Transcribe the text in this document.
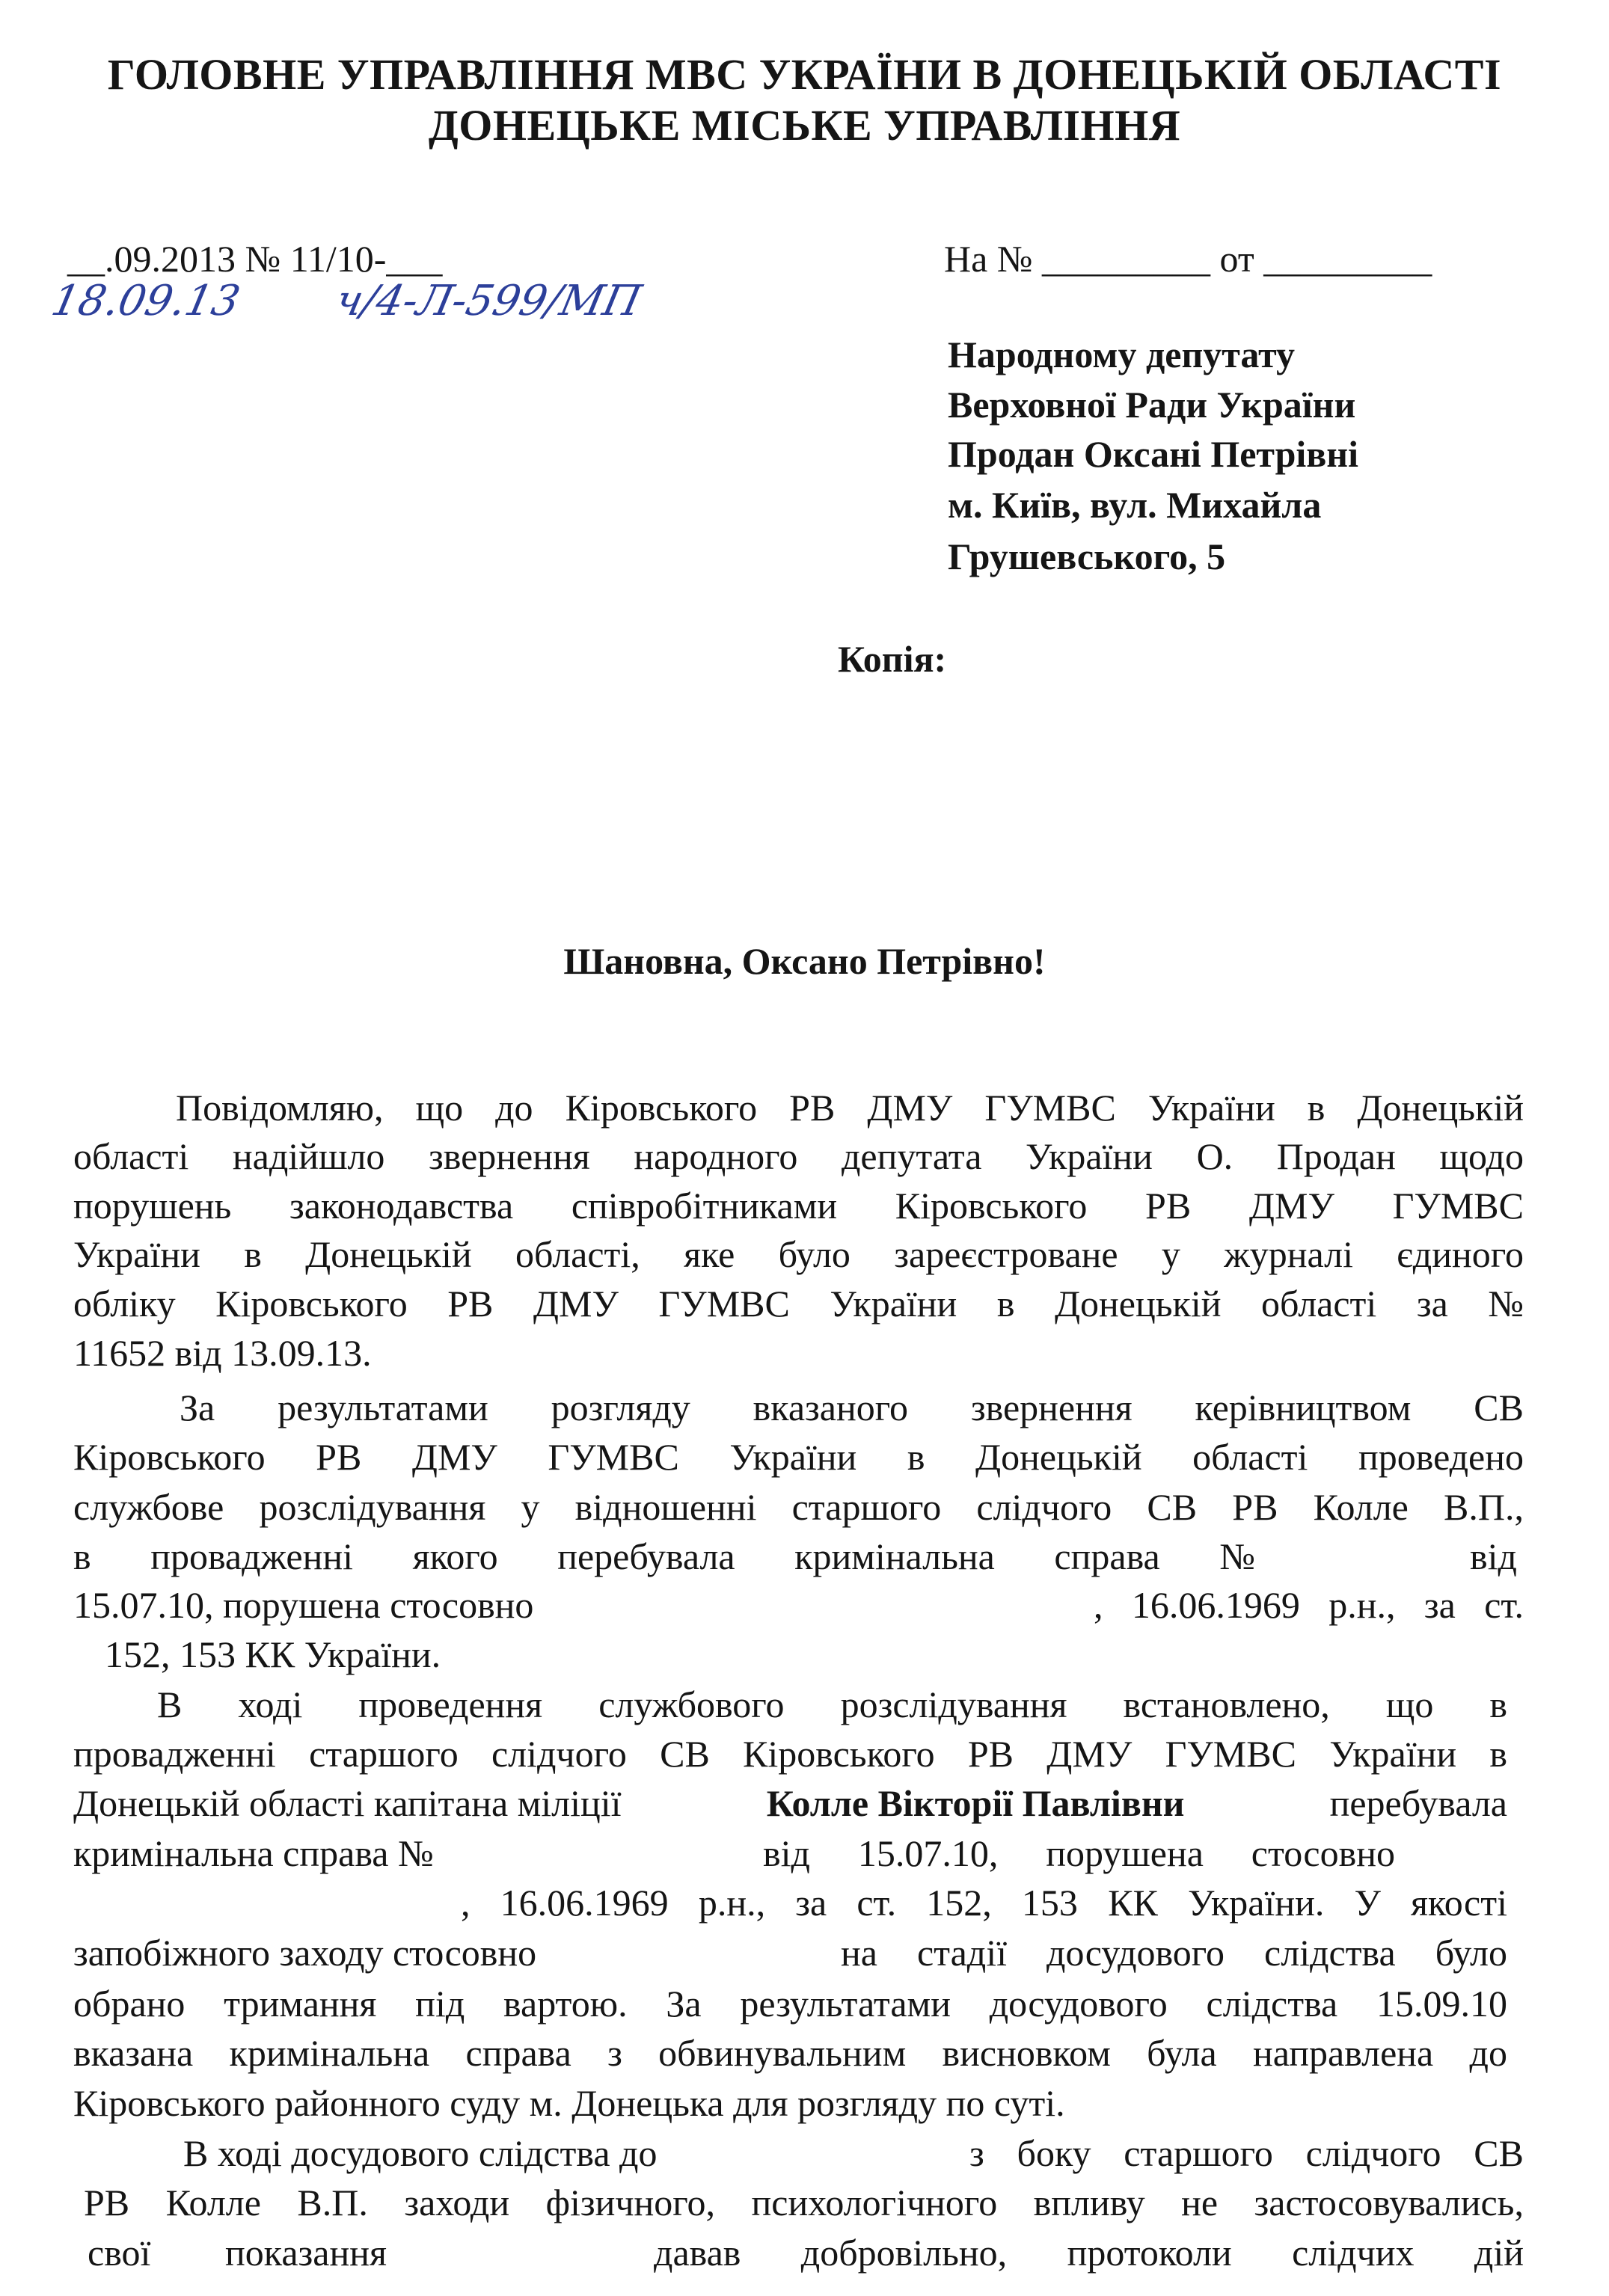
ГОЛОВНЕ УПРАВЛІННЯ МВС УКРАЇНИ В ДОНЕЦЬКІЙ ОБЛАСТІ
ДОНЕЦЬКЕ МІСЬКЕ УПРАВЛІННЯ
__.09.2013 № 11/10-___
18.09.13 ч/4-Л-599/МП
На № _________ от _________
Народному депутату
Верховної Ради України
Продан Оксані Петрівні
м. Київ, вул. Михайла
Грушевського, 5
Копія:
Шановна, Оксано Петрівно!
Повідомляю, що до Кіровського РВ ДМУ ГУМВС України в Донецькій
області надійшло звернення народного депутата України О. Продан щодо
порушень законодавства співробітниками Кіровського РВ ДМУ ГУМВС
України в Донецькій області, яке було зареєстроване у журналі єдиного
обліку Кіровського РВ ДМУ ГУМВС України в Донецькій області за №
11652 від 13.09.13.
За результатами розгляду вказаного звернення керівництвом СВ
Кіровського РВ ДМУ ГУМВС України в Донецькій області проведено
службове розслідування у відношенні старшого слідчого СВ РВ Колле В.П.,
в провадженні якого перебувала кримінальна справа №	від
15.07.10, порушена стосовно	, 16.06.1969 р.н., за ст.
152, 153 КК України.
В ході проведення службового розслідування встановлено, що в
провадженні старшого слідчого СВ Кіровського РВ ДМУ ГУМВС України в
Донецькій області капітана міліції	Колле Вікторії Павлівни	перебувала
кримінальна справа №	від 15.07.10, порушена стосовно
, 16.06.1969 р.н., за ст. 152, 153 КК України. У якості
запобіжного заходу стосовно	на стадії досудового слідства було
обрано тримання під вартою. За результатами досудового слідства 15.09.10
вказана кримінальна справа з обвинувальним висновком була направлена до
Кіровського районного суду м. Донецька для розгляду по суті.
В ході досудового слідства до	з боку старшого слідчого СВ
РВ Колле В.П. заходи фізичного, психологічного впливу не застосовувались,
свої показання	давав добровільно, протоколи слідчих дій
